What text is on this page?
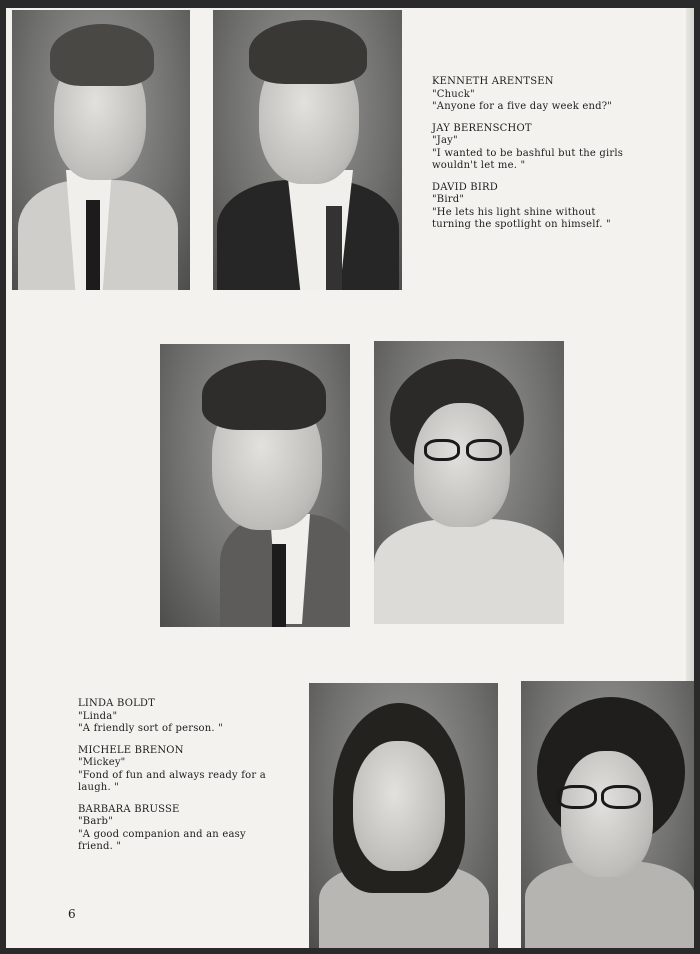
KENNETH ARENTSEN
"Chuck"
"Anyone for a five day week end?"
JAY BERENSCHOT
"Jay"
"I wanted to be bashful but the girls
wouldn't let me. "
DAVID BIRD
"Bird"
"He lets his light shine without
turning the spotlight on himself. "
LINDA BOLDT
"Linda"
"A friendly sort of person. "
MICHELE BRENON
"Mickey"
"Fond of fun and always ready for a
laugh. "
BARBARA BRUSSE
"Barb"
"A good companion and an easy
friend. "
6
